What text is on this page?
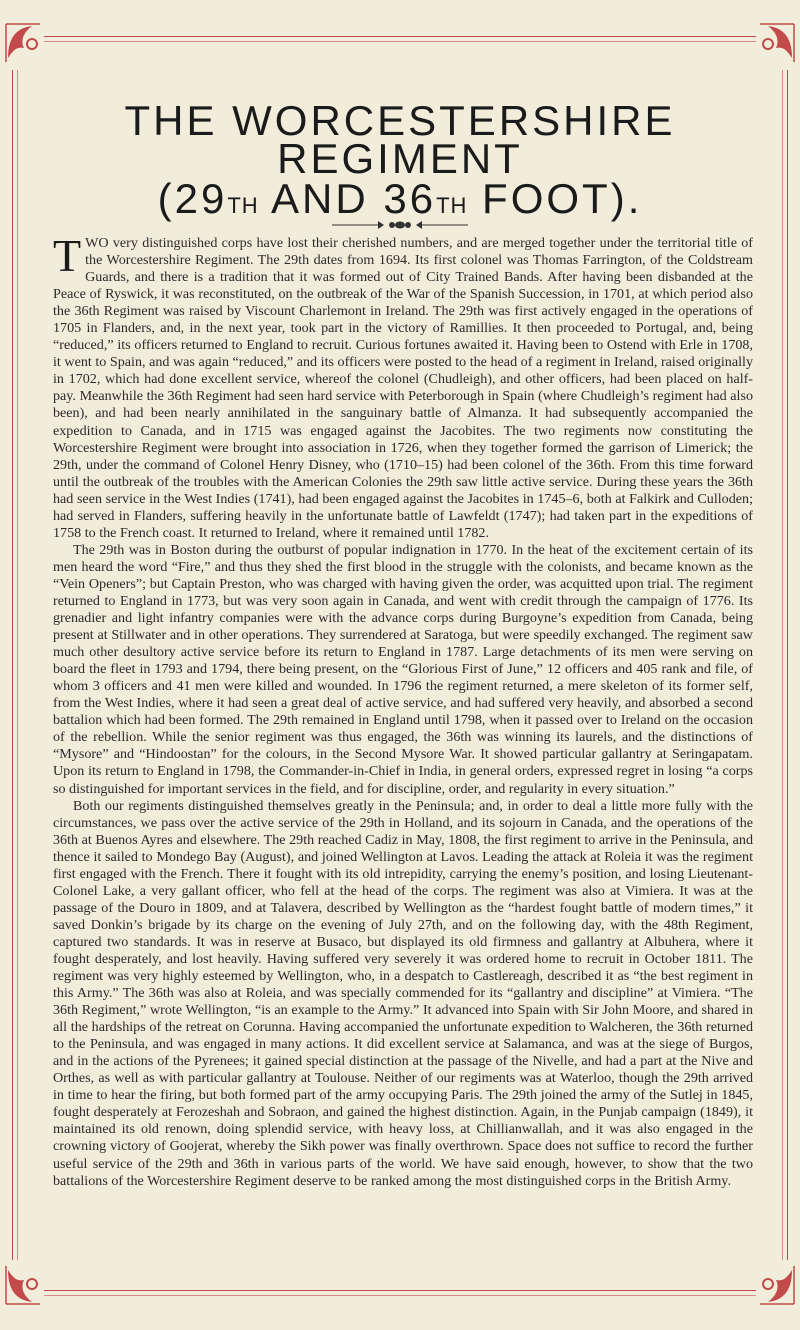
THE WORCESTERSHIRE
REGIMENT
(29TH AND 36TH FOOT).

TWO very distinguished corps have lost their cherished numbers, and are merged together under the territorial title of the Worcestershire Regiment. The 29th dates from 1694. Its first colonel was Thomas Farrington, of the Coldstream Guards, and there is a tradition that it was formed out of City Trained Bands. After having been disbanded at the Peace of Ryswick, it was reconstituted, on the outbreak of the War of the Spanish Succession, in 1701, at which period also the 36th Regiment was raised by Viscount Charlemont in Ireland. The 29th was first actively engaged in the operations of 1705 in Flanders, and, in the next year, took part in the victory of Ramillies. It then proceeded to Portugal, and, being “reduced,” its officers returned to England to recruit. Curious fortunes awaited it. Having been to Ostend with Erle in 1708, it went to Spain, and was again “reduced,” and its officers were posted to the head of a regiment in Ireland, raised originally in 1702, which had done excellent service, whereof the colonel (Chudleigh), and other officers, had been placed on half-pay. Meanwhile the 36th Regiment had seen hard service with Peterborough in Spain (where Chudleigh’s regiment had also been), and had been nearly annihilated in the sanguinary battle of Almanza. It had subsequently accompanied the expedition to Canada, and in 1715 was engaged against the Jacobites. The two regiments now constituting the Worcestershire Regiment were brought into association in 1726, when they together formed the garrison of Limerick; the 29th, under the command of Colonel Henry Disney, who (1710–15) had been colonel of the 36th. From this time forward until the outbreak of the troubles with the American Colonies the 29th saw little active service. During these years the 36th had seen service in the West Indies (1741), had been engaged against the Jacobites in 1745–6, both at Falkirk and Culloden; had served in Flanders, suffering heavily in the unfortunate battle of Lawfeldt (1747); had taken part in the expeditions of 1758 to the French coast. It returned to Ireland, where it remained until 1782.

The 29th was in Boston during the outburst of popular indignation in 1770. In the heat of the excitement certain of its men heard the word “Fire,” and thus they shed the first blood in the struggle with the colonists, and became known as the “Vein Openers”; but Captain Preston, who was charged with having given the order, was acquitted upon trial. The regiment returned to England in 1773, but was very soon again in Canada, and went with credit through the campaign of 1776. Its grenadier and light infantry companies were with the advance corps during Burgoyne’s expedition from Canada, being present at Stillwater and in other operations. They surrendered at Saratoga, but were speedily exchanged. The regiment saw much other desultory active service before its return to England in 1787. Large detachments of its men were serving on board the fleet in 1793 and 1794, there being present, on the “Glorious First of June,” 12 officers and 405 rank and file, of whom 3 officers and 41 men were killed and wounded. In 1796 the regiment returned, a mere skeleton of its former self, from the West Indies, where it had seen a great deal of active service, and had suffered very heavily, and absorbed a second battalion which had been formed. The 29th remained in England until 1798, when it passed over to Ireland on the occasion of the rebellion. While the senior regiment was thus engaged, the 36th was winning its laurels, and the distinctions of “Mysore” and “Hindoostan” for the colours, in the Second Mysore War. It showed particular gallantry at Seringapatam. Upon its return to England in 1798, the Commander-in-Chief in India, in general orders, expressed regret in losing “a corps so distinguished for important services in the field, and for discipline, order, and regularity in every situation.”

Both our regiments distinguished themselves greatly in the Peninsula; and, in order to deal a little more fully with the circumstances, we pass over the active service of the 29th in Holland, and its sojourn in Canada, and the operations of the 36th at Buenos Ayres and elsewhere. The 29th reached Cadiz in May, 1808, the first regiment to arrive in the Peninsula, and thence it sailed to Mondego Bay (August), and joined Wellington at Lavos. Leading the attack at Roleia it was the regiment first engaged with the French. There it fought with its old intrepidity, carrying the enemy’s position, and losing Lieutenant-Colonel Lake, a very gallant officer, who fell at the head of the corps. The regiment was also at Vimiera. It was at the passage of the Douro in 1809, and at Talavera, described by Wellington as the “hardest fought battle of modern times,” it saved Donkin’s brigade by its charge on the evening of July 27th, and on the following day, with the 48th Regiment, captured two standards. It was in reserve at Busaco, but displayed its old firmness and gallantry at Albuhera, where it fought desperately, and lost heavily. Having suffered very severely it was ordered home to recruit in October 1811. The regiment was very highly esteemed by Wellington, who, in a despatch to Castlereagh, described it as “the best regiment in this Army.” The 36th was also at Roleia, and was specially commended for its “gallantry and discipline” at Vimiera. “The 36th Regiment,” wrote Wellington, “is an example to the Army.” It advanced into Spain with Sir John Moore, and shared in all the hardships of the retreat on Corunna. Having accompanied the unfortunate expedition to Walcheren, the 36th returned to the Peninsula, and was engaged in many actions. It did excellent service at Salamanca, and was at the siege of Burgos, and in the actions of the Pyrenees; it gained special distinction at the passage of the Nivelle, and had a part at the Nive and Orthes, as well as with particular gallantry at Toulouse. Neither of our regiments was at Waterloo, though the 29th arrived in time to hear the firing, but both formed part of the army occupying Paris. The 29th joined the army of the Sutlej in 1845, fought desperately at Ferozeshah and Sobraon, and gained the highest distinction. Again, in the Punjab campaign (1849), it maintained its old renown, doing splendid service, with heavy loss, at Chillianwallah, and it was also engaged in the crowning victory of Goojerat, whereby the Sikh power was finally overthrown. Space does not suffice to record the further useful service of the 29th and 36th in various parts of the world. We have said enough, however, to show that the two battalions of the Worcestershire Regiment deserve to be ranked among the most distinguished corps in the British Army.
